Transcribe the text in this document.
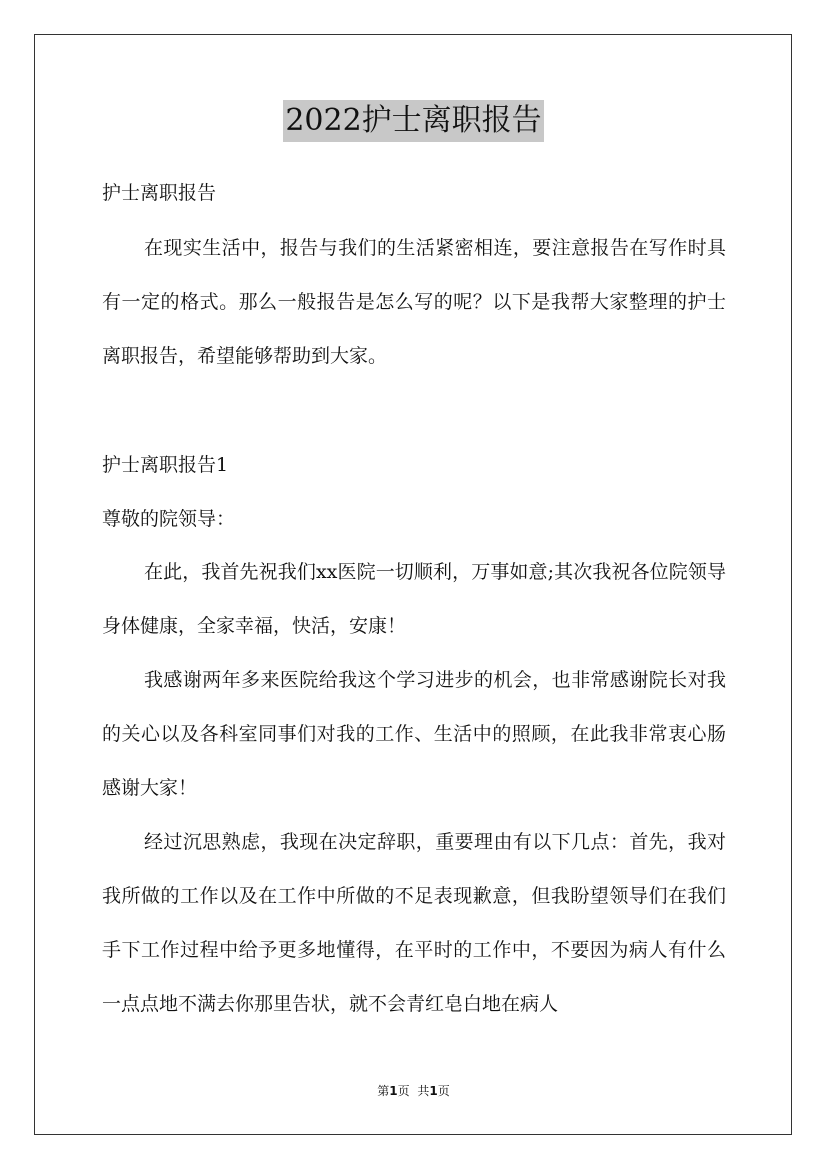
2022护士离职报告

护士离职报告

在现实生活中，报告与我们的生活紧密相连，要注意报告在写作时具有一定的格式。那么一般报告是怎么写的呢？以下是我帮大家整理的护士离职报告，希望能够帮助到大家。

护士离职报告1

尊敬的院领导：

在此，我首先祝我们xx医院一切顺利，万事如意;其次我祝各位院领导身体健康，全家幸福，快活，安康！

我感谢两年多来医院给我这个学习进步的机会，也非常感谢院长对我的关心以及各科室同事们对我的工作、生活中的照顾，在此我非常衷心肠感谢大家！

经过沉思熟虑，我现在决定辞职，重要理由有以下几点：首先，我对我所做的工作以及在工作中所做的不足表现歉意，但我盼望领导们在我们手下工作过程中给予更多地懂得，在平时的工作中，不要因为病人有什么一点点地不满去你那里告状，就不会青红皂白地在病人

第1页 共1页
